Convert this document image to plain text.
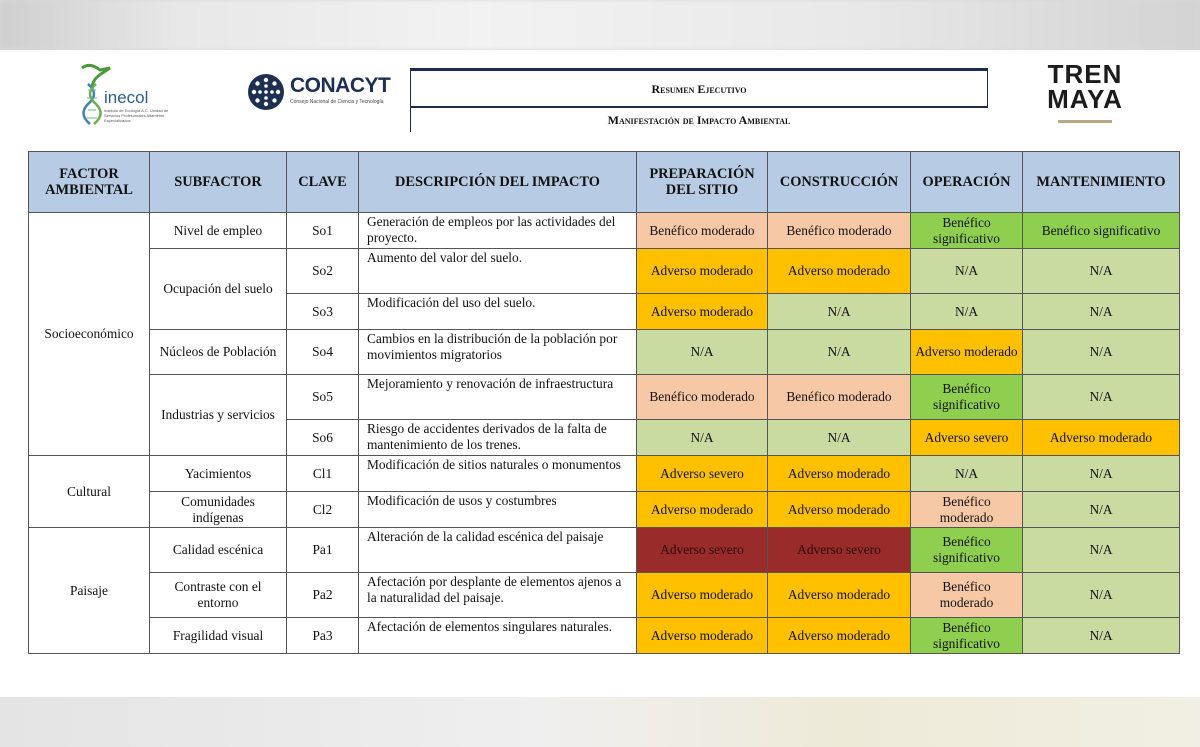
inecol
Instituto de Ecología A.C. Unidad de Servicios Profesionales Altamente Especializados
CONACYT
Consejo Nacional de Ciencia y Tecnología
Resumen Ejecutivo
Manifestación de Impacto Ambiental
TREN
MAYA
FACTOR AMBIENTAL	SUBFACTOR	CLAVE	DESCRIPCIÓN DEL IMPACTO	PREPARACIÓN DEL SITIO	CONSTRUCCIÓN	OPERACIÓN	MANTENIMIENTO
Socioeconómico	Nivel de empleo	So1	Generación de empleos por las actividades del proyecto.	Benéfico moderado	Benéfico moderado	Benéfico significativo	Benéfico significativo
	Ocupación del suelo	So2	Aumento del valor del suelo.	Adverso moderado	Adverso moderado	N/A	N/A
		So3	Modificación del uso del suelo.	Adverso moderado	N/A	N/A	N/A
	Núcleos de Población	So4	Cambios en la distribución de la población por movimientos migratorios	N/A	N/A	Adverso moderado	N/A
	Industrias y servicios	So5	Mejoramiento y renovación de infraestructura	Benéfico moderado	Benéfico moderado	Benéfico significativo	N/A
		So6	Riesgo de accidentes derivados de la falta de mantenimiento de los trenes.	N/A	N/A	Adverso severo	Adverso moderado
Cultural	Yacimientos	Cl1	Modificación de sitios naturales o monumentos	Adverso severo	Adverso moderado	N/A	N/A
	Comunidades indígenas	Cl2	Modificación de usos y costumbres	Adverso moderado	Adverso moderado	Benéfico moderado	N/A
Paisaje	Calidad escénica	Pa1	Alteración de la calidad escénica del paisaje	Adverso severo	Adverso severo	Benéfico significativo	N/A
	Contraste con el entorno	Pa2	Afectación por desplante de elementos ajenos a la naturalidad del paisaje.	Adverso moderado	Adverso moderado	Benéfico moderado	N/A
	Fragilidad visual	Pa3	Afectación de elementos singulares naturales.	Adverso moderado	Adverso moderado	Benéfico significativo	N/A
